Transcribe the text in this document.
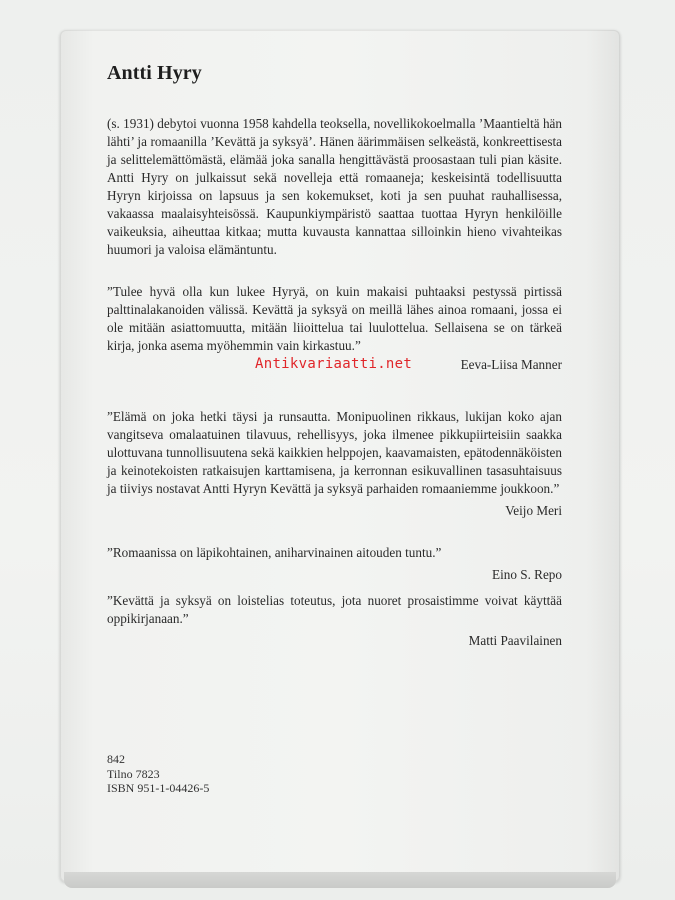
Antti Hyry

(s. 1931) debytoi vuonna 1958 kahdella teoksella, novellikokoelmalla ’Maantieltä hän lähti’ ja romaanilla ’Kevättä ja syksyä’. Hänen äärimmäisen selkeästä, konkreettisesta ja selittelemättömästä, elämää joka sanalla hengittävästä proosastaan tuli pian käsite. Antti Hyry on julkaissut sekä novelleja että romaaneja; keskeisintä todellisuutta Hyryn kirjoissa on lapsuus ja sen kokemukset, koti ja sen puuhat rauhallisessa, vakaassa maalaisyhteisössä. Kaupunkiympäristö saattaa tuottaa Hyryn henkilöille vaikeuksia, aiheuttaa kitkaa; mutta kuvausta kannattaa silloinkin hieno vivahteikas huumori ja valoisa elämäntuntu.

”Tulee hyvä olla kun lukee Hyryä, on kuin makaisi puhtaaksi pestyssä pirtissä palttinalakanoiden välissä. Kevättä ja syksyä on meillä lähes ainoa romaani, jossa ei ole mitään asiattomuutta, mitään liioittelua tai luulottelua. Sellaisena se on tärkeä kirja, jonka asema myöhemmin vain kirkastuu.”

Antikvariaatti.net	Eeva-Liisa Manner

”Elämä on joka hetki täysi ja runsautta. Monipuolinen rikkaus, lukijan koko ajan vangitseva omalaatuinen tilavuus, rehellisyys, joka ilmenee pikkupiirteisiin saakka ulottuvana tunnollisuutena sekä kaikkien helppojen, kaavamaisten, epätodennäköisten ja keinotekoisten ratkaisujen karttamisena, ja kerronnan esikuvallinen tasasuhtaisuus ja tiiviys nostavat Antti Hyryn Kevättä ja syksyä parhaiden romaaniemme joukkoon.”

Veijo Meri

”Romaanissa on läpikohtainen, aniharvinainen aitouden tuntu.”

Eino S. Repo

”Kevättä ja syksyä on loistelias toteutus, jota nuoret prosaistimme voivat käyttää oppikirjanaan.”

Matti Paavilainen
842
Tilno 7823
ISBN 951-1-04426-5
